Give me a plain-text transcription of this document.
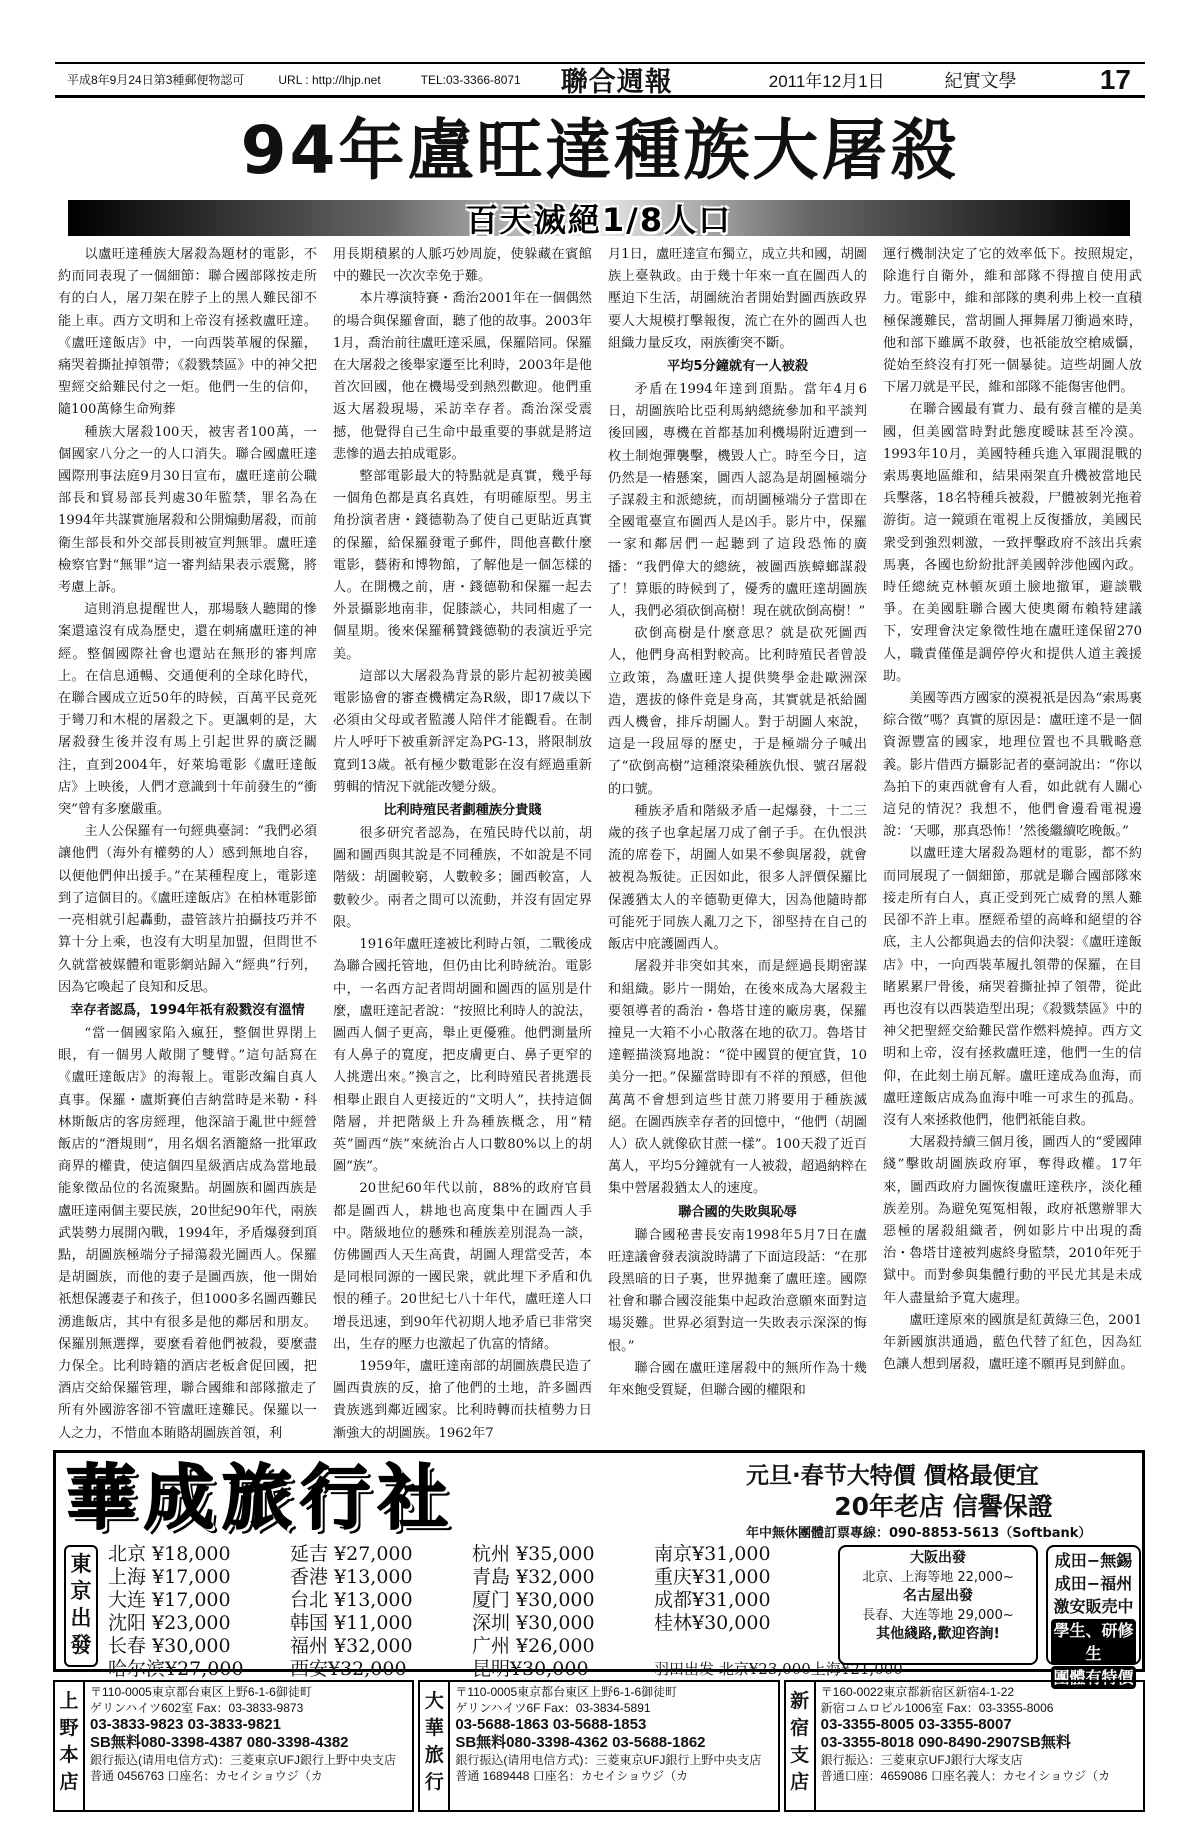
平成8年9月24日第3種郵便物認可	URL : http://lhjp.net	TEL:03-3366-8071 聯合週報	2011年12月1日	紀實文學	17
94年盧旺達種族大屠殺
百天滅絕1/8人口

以盧旺達種族大屠殺為題材的電影，不約而同表現了一個細節：聯合國部隊按走所有的白人，屠刀架在脖子上的黑人難民卻不能上車。西方文明和上帝沒有拯救盧旺達。《盧旺達飯店》中，一向西裝革履的保羅，痛哭着撕扯掉領帶；《殺戮禁區》中的神父把聖經交給難民付之一炬。他們一生的信仰，隨100萬條生命殉葬

種族大屠殺100天，被害者100萬，一個國家八分之一的人口消失。聯合國盧旺達國際刑事法庭9月30日宣布，盧旺達前公職部長和貿易部長判處30年監禁，罪名為在1994年共謀實施屠殺和公開煽動屠殺，而前衛生部長和外交部長則被宣判無罪。盧旺達檢察官對“無罪”這一審判結果表示震驚，將考慮上訴。

這則消息提醒世人，那場駭人聽聞的慘案還遠沒有成為歷史，還在刺痛盧旺達的神經。整個國際社會也還站在無形的審判席上。在信息通暢、交通便利的全球化時代，在聯合國成立近50年的時候，百萬平民竟死于彎刀和木棍的屠殺之下。更諷刺的是，大屠殺發生後并沒有馬上引起世界的廣泛關注，直到2004年，好萊塢電影《盧旺達飯店》上映後，人們才意識到十年前發生的“衝突”曾有多麼嚴重。

主人公保羅有一句經典臺詞：“我們必須讓他們（海外有權勢的人）感到無地自容，以便他們伸出援手。”在某種程度上，電影達到了這個目的。《盧旺達飯店》在柏林電影節一亮相就引起轟動，盡管該片拍攝技巧并不算十分上乘，也沒有大明星加盟，但問世不久就當被媒體和電影網站歸入“經典”行列，因為它喚起了良知和反思。

幸存者認爲，1994年祇有殺戮沒有溫情

“當一個國家陷入瘋狂，整個世界閉上眼，有一個男人敞開了雙臂。”這句話寫在《盧旺達飯店》的海報上。電影改編自真人真事。保羅・盧斯賽伯吉納當時是米勒・科林斯飯店的客房經理，他深諳于亂世中經營飯店的“潛規則”，用名烟名酒籠絡一批軍政商界的權貴，使這個四星級酒店成為當地最能象徵品位的名流聚點。胡圖族和圖西族是盧旺達兩個主要民族，20世紀90年代，兩族武裝勢力展開內戰，1994年，矛盾爆發到頂點，胡圖族極端分子掃蕩殺光圖西人。保羅是胡圖族，而他的妻子是圖西族，他一開始祇想保護妻子和孩子，但1000多名圖西難民湧進飯店，其中有很多是他的鄰居和朋友。保羅別無選擇，要麼看着他們被殺，要麼盡力保全。比利時籍的酒店老板倉促回國，把酒店交給保羅管理，聯合國維和部隊撤走了所有外國游客卻不管盧旺達難民。保羅以一人之力，不惜血本賄賂胡圖族首領，利

用長期積累的人脈巧妙周旋，使躲藏在賓館中的難民一次次幸免于難。

本片導演特賽・喬治2001年在一個偶然的場合與保羅會面，聽了他的故事。2003年1月，喬治前往盧旺達采風，保羅陪同。保羅在大屠殺之後舉家遷至比利時，2003年是他首次回國，他在機場受到熱烈歡迎。他們重返大屠殺現場，采訪幸存者。喬治深受震撼，他覺得自己生命中最重要的事就是將這悲慘的過去拍成電影。

整部電影最大的特點就是真實，幾乎每一個角色都是真名真姓，有明確原型。男主角扮演者唐・錢德勒為了使自己更貼近真實的保羅，給保羅發電子郵件，問他喜歡什麼電影，藝術和博物館，了解他是一個怎樣的人。在開機之前，唐・錢德勒和保羅一起去外景攝影地南非，促膝談心，共同相處了一個星期。後來保羅稱贊錢德勒的表演近乎完美。

這部以大屠殺為背景的影片起初被美國電影協會的審查機構定為R級，即17歲以下必須由父母或者監護人陪伴才能觀看。在制片人呼吁下被重新評定為PG-13，將限制放寬到13歲。祇有極少數電影在沒有經過重新剪輯的情況下就能改變分級。

比利時殖民者劃種族分貴賤

很多研究者認為，在殖民時代以前，胡圖和圖西與其說是不同種族，不如說是不同階級：胡圖較窮，人數較多；圖西較富，人數較少。兩者之間可以流動，并沒有固定界限。

1916年盧旺達被比利時占領，二戰後成為聯合國托管地，但仍由比利時統治。電影中，一名西方記者問胡圖和圖西的區別是什麼，盧旺達記者說：“按照比利時人的說法，圖西人個子更高，舉止更優雅。他們測量所有人鼻子的寬度，把皮膚更白、鼻子更窄的人挑選出來。”換言之，比利時殖民者挑選長相舉止跟自人更接近的“文明人”，扶持這個階層，并把階級上升為種族概念，用“精英”圖西“族”來統治占人口數80%以上的胡圖“族”。

20世紀60年代以前，88%的政府官員都是圖西人，耕地也高度集中在圖西人手中。階級地位的懸殊和種族差別混為一談，仿佛圖西人天生高貴，胡圖人理當受苦，本是同根同源的一國民衆，就此埋下矛盾和仇恨的種子。20世紀七八十年代，盧旺達人口增長迅速，到90年代初期人地矛盾已非常突出，生存的壓力也激起了仇富的情緒。

1959年，盧旺達南部的胡圖族農民造了圖西貴族的反，搶了他們的土地，許多圖西貴族逃到鄰近國家。比利時轉而扶植勢力日漸強大的胡圖族。1962年7

月1日，盧旺達宣布獨立，成立共和國，胡圖族上臺執政。由于幾十年來一直在圖西人的壓迫下生活，胡圖統治者開始對圖西族政界要人大規模打擊報復，流亡在外的圖西人也組織力量反攻，兩族衝突不斷。

平均5分鐘就有一人被殺

矛盾在1994年達到頂點。當年4月6日，胡圖族哈比亞利馬納總統參加和平談判後回國，專機在首都基加利機場附近遭到一枚土制炮彈襲擊，機毀人亡。時至今日，這仍然是一樁懸案，圖西人認為是胡圖極端分子謀殺主和派總統，而胡圖極端分子當即在全國電臺宣布圖西人是凶手。影片中，保羅一家和鄰居們一起聽到了這段恐怖的廣播：“我們偉大的總統，被圖西族蟑螂謀殺了！算賬的時候到了，優秀的盧旺達胡圖族人，我們必須砍倒高樹！現在就砍倒高樹！”

砍倒高樹是什麼意思？就是砍死圖西人，他們身高相對較高。比利時殖民者曾設立政策，為盧旺達人提供獎學金赴歐洲深造，選拔的條件竟是身高，其實就是祇給圖西人機會，排斥胡圖人。對于胡圖人來說，這是一段屈辱的歷史，于是極端分子喊出了“砍倒高樹”這種滾染種族仇恨、號召屠殺的口號。

種族矛盾和階級矛盾一起爆發，十二三歲的孩子也拿起屠刀成了劊子手。在仇恨洪流的席卷下，胡圖人如果不參與屠殺，就會被視為叛徒。正因如此，很多人評價保羅比保護猶太人的辛德勒更偉大，因為他隨時都可能死于同族人亂刀之下，卻堅持在自己的飯店中庇護圖西人。

屠殺并非突如其來，而是經過長期密謀和組織。影片一開始，在後來成為大屠殺主要領導者的喬治・魯塔甘達的廠房裏，保羅撞見一大箱不小心散落在地的砍刀。魯塔甘達輕描淡寫地說：“從中國買的便宜貨，10美分一把。”保羅當時即有不祥的預感，但他萬萬不會想到這些甘蔗刀將要用于種族滅絕。在圖西族幸存者的回憶中，“他們（胡圖人）砍人就像砍甘蔗一樣”。100天殺了近百萬人，平均5分鐘就有一人被殺，超過納粹在集中營屠殺猶太人的速度。

聯合國的失敗與恥辱

聯合國秘書長安南1998年5月7日在盧旺達議會發表演說時講了下面這段話：“在那段黑暗的日子裏，世界拋棄了盧旺達。國際社會和聯合國沒能集中起政治意願來面對這場災難。世界必須對這一失敗表示深深的悔恨。”

聯合國在盧旺達屠殺中的無所作為十幾年來飽受質疑，但聯合國的權限和

運行機制決定了它的效率低下。按照規定，除進行自衛外，維和部隊不得擅自使用武力。電影中，維和部隊的奧利弗上校一直積極保護難民，當胡圖人揮舞屠刀衝過來時，他和部下雖厲不敢發，也祇能放空槍威懾，從始至終沒有打死一個暴徒。這些胡圖人放下屠刀就是平民，維和部隊不能傷害他們。

在聯合國最有實力、最有發言權的是美國，但美國當時對此態度曖昧甚至冷漠。1993年10月，美國特種兵進入軍閥混戰的索馬裏地區維和，結果兩架直升機被當地民兵擊落，18名特種兵被殺，尸體被剝光拖着游街。這一鏡頭在電視上反復播放，美國民衆受到強烈刺激，一致抨擊政府不該出兵索馬裏，各國也紛紛批評美國幹涉他國內政。時任總統克林頓灰頭土臉地撤軍，避談戰爭。在美國駐聯合國大使奧爾布賴特建議下，安理會決定象徵性地在盧旺達保留270人，職責僅僅是調停停火和提供人道主義援助。

美國等西方國家的漠視祇是因為“索馬裏綜合徵”嗎？真實的原因是：盧旺達不是一個資源豐富的國家，地理位置也不具戰略意義。影片借西方攝影記者的臺詞說出：“你以為拍下的東西就會有人看，如此就有人關心這兒的情況？我想不，他們會邊看電視邊說：‘天哪，那真恐怖！’然後繼續吃晚飯。”

以盧旺達大屠殺為題材的電影，都不約而同展現了一個細節，那就是聯合國部隊來接走所有白人，真正受到死亡威脅的黑人難民卻不許上車。歷經希望的高峰和絕望的谷底，主人公都與過去的信仰決裂：《盧旺達飯店》中，一向西裝革履扎領帶的保羅，在目睹累累尸骨後，痛哭着撕扯掉了領帶，從此再也沒有以西裝造型出現；《殺戮禁區》中的神父把聖經交給難民當作燃料燒掉。西方文明和上帝，沒有拯救盧旺達，他們一生的信仰，在此刻土崩瓦解。盧旺達成為血海，而盧旺達飯店成為血海中唯一可求生的孤島。沒有人來拯救他們，他們祇能自救。

大屠殺持續三個月後，圖西人的“愛國陣綫”擊敗胡圖族政府軍，奪得政權。17年來，圖西政府力圖恢復盧旺達秩序，淡化種族差別。為避免冤冤相報，政府祇懲辦罪大惡極的屠殺組織者，例如影片中出現的喬治・魯塔甘達被判處終身監禁，2010年死于獄中。而對參與集體行動的平民尤其是未成年人盡量給予寬大處理。

盧旺達原來的國旗是紅黃綠三色，2001年新國旗洪通過，藍色代替了紅色，因為紅色讓人想到屠殺，盧旺達不願再見到鮮血。

華成旅行社	元旦·春节大特價 價格最便宜
20年老店 信譽保證
年中無休團體訂票專線：090-8853-5613（Softbank）
東
京
出
發
北京 ¥18,000	延吉 ¥27,000	杭州 ¥35,000	南京¥31,000
上海 ¥17,000	香港 ¥13,000	青島 ¥32,000	重庆¥31,000
大连 ¥17,000	台北 ¥13,000	厦门 ¥30,000	成都¥31,000
沈阳 ¥23,000	韩国 ¥11,000	深圳 ¥30,000	桂林¥30,000
长春 ¥30,000	福州 ¥32,000	广州 ¥26,000
哈尔滨¥27,000	西安¥32,000	昆明¥30,000	羽田出发 北京¥23,000上海¥21,000
大阪出發
北京、上海等地 22,000~
名古屋出發
長春、大连等地 29,000~
其他綫路,歡迎咨詢!
成田−無錫
成田−福州
激安販売中
學生、研修生
團體有特價
上
野
本
店
〒110-0005東京都台東区上野6-1-6御徒町
ゲリンハイツ602室 Fax：03-3833-9873
03-3833-9823 03-3833-9821
SB無料080-3398-4387 080-3398-4382
銀行振込(请用电信方式)：三菱東京UFJ銀行上野中央支店
普通 0456763 口座名：カセイショウジ（カ
大
華
旅
行
〒110-0005東京都台東区上野6-1-6御徒町
ゲリンハイツ6F Fax：03-3834-5891
03-5688-1863 03-5688-1853
SB無料080-3398-4362 03-5688-1862
銀行振込(请用电信方式)：三菱東京UFJ銀行上野中央支店
普通 1689448 口座名：カセイショウジ（カ
新
宿
支
店
〒160-0022東京都新宿区新宿4-1-22
新宿コムロビル1006室 Fax：03-3355-8006
03-3355-8005 03-3355-8007
03-3355-8018 090-8490-2907SB無料
銀行振込：三菱東京UFJ銀行大塚支店
普通口座：4659086 口座名義人：カセイショウジ（カ
